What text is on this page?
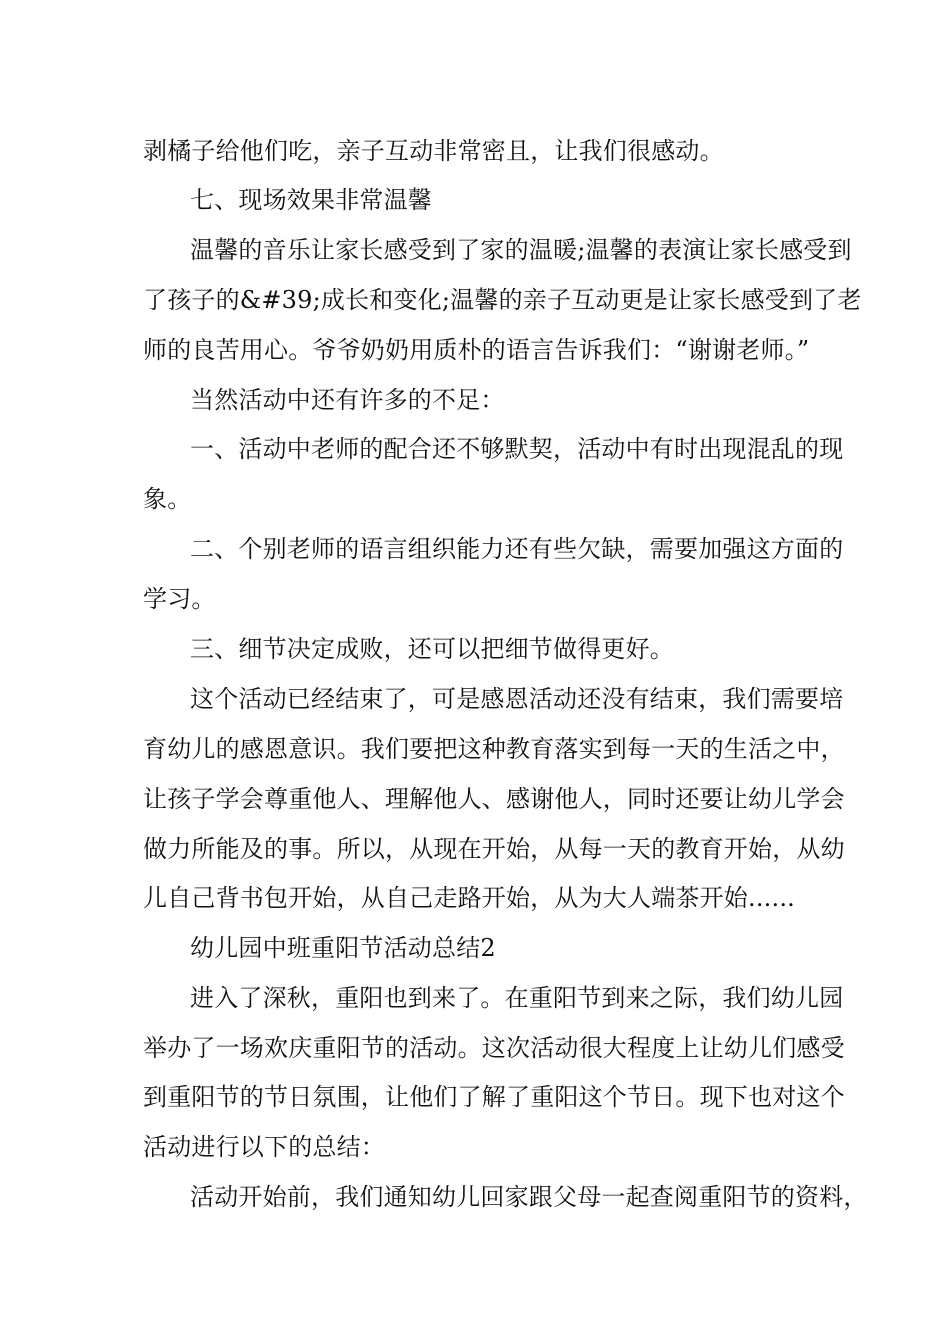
剥橘子给他们吃，亲子互动非常密且，让我们很感动。
七、现场效果非常温馨
温馨的音乐让家长感受到了家的温暖;温馨的表演让家长感受到
了孩子的&#39;成长和变化;温馨的亲子互动更是让家长感受到了老
师的良苦用心。爷爷奶奶用质朴的语言告诉我们：“谢谢老师。”
当然活动中还有许多的不足：
一、活动中老师的配合还不够默契，活动中有时出现混乱的现
象。
二、个别老师的语言组织能力还有些欠缺，需要加强这方面的
学习。
三、细节决定成败，还可以把细节做得更好。
这个活动已经结束了，可是感恩活动还没有结束，我们需要培
育幼儿的感恩意识。我们要把这种教育落实到每一天的生活之中，
让孩子学会尊重他人、理解他人、感谢他人，同时还要让幼儿学会
做力所能及的事。所以，从现在开始，从每一天的教育开始，从幼
儿自己背书包开始，从自己走路开始，从为大人端茶开始......
幼儿园中班重阳节活动总结2
进入了深秋，重阳也到来了。在重阳节到来之际，我们幼儿园
举办了一场欢庆重阳节的活动。这次活动很大程度上让幼儿们感受
到重阳节的节日氛围，让他们了解了重阳这个节日。现下也对这个
活动进行以下的总结：
活动开始前，我们通知幼儿回家跟父母一起查阅重阳节的资料，
